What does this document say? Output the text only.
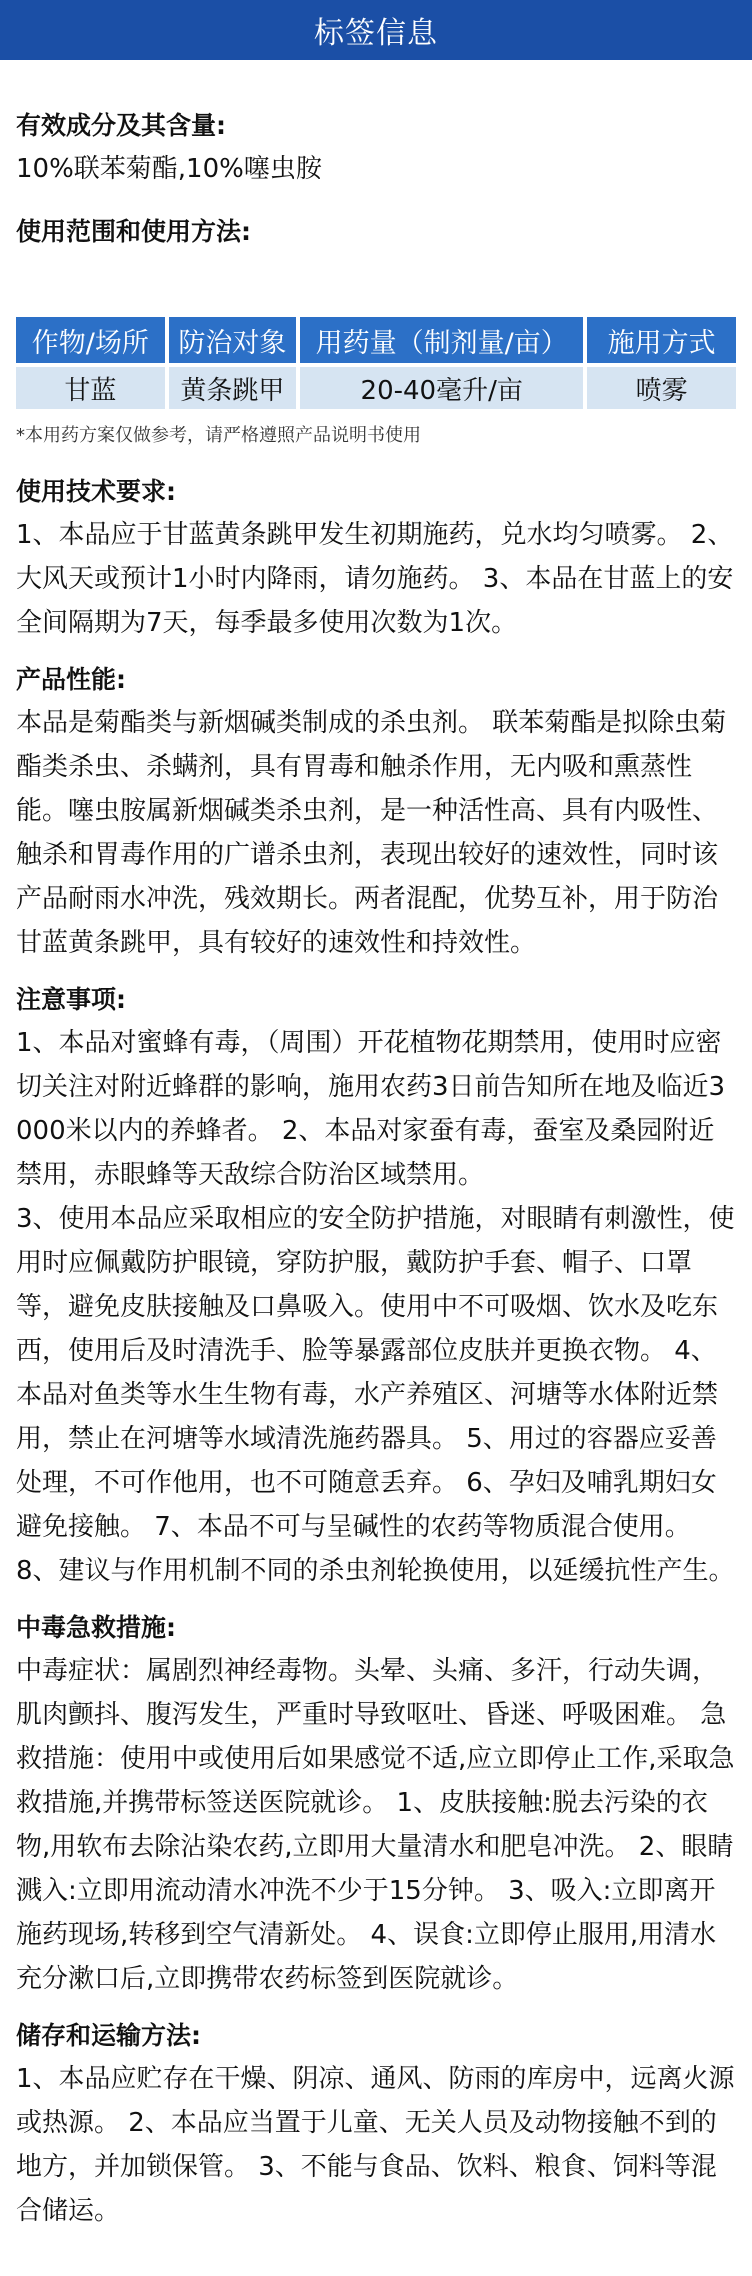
标签信息
有效成分及其含量:

10%联苯菊酯,10%噻虫胺

使用范围和使用方法:
作物/场所	防治对象	用药量（制剂量/亩）	施用方式
甘蓝	黄条跳甲	20-40毫升/亩	喷雾
*本用药方案仅做参考，请严格遵照产品说明书使用
使用技术要求:

1、本品应于甘蓝黄条跳甲发生初期施药，兑水均匀喷雾。 2、大风天或预计1小时内降雨，请勿施药。 3、本品在甘蓝上的安全间隔期为7天，每季最多使用次数为1次。

产品性能:

本品是菊酯类与新烟碱类制成的杀虫剂。 联苯菊酯是拟除虫菊酯类杀虫、杀螨剂，具有胃毒和触杀作用，无内吸和熏蒸性能。噻虫胺属新烟碱类杀虫剂，是一种活性高、具有内吸性、触杀和胃毒作用的广谱杀虫剂，表现出较好的速效性，同时该产品耐雨水冲洗，残效期长。两者混配，优势互补，用于防治甘蓝黄条跳甲，具有较好的速效性和持效性。

注意事项:

1、本品对蜜蜂有毒，（周围）开花植物花期禁用，使用时应密切关注对附近蜂群的影响，施用农药3日前告知所在地及临近3000米以内的养蜂者。 2、本品对家蚕有毒，蚕室及桑园附近禁用，赤眼蜂等天敌综合防治区域禁用。
3、使用本品应采取相应的安全防护措施，对眼睛有刺激性，使用时应佩戴防护眼镜，穿防护服，戴防护手套、帽子、口罩等，避免皮肤接触及口鼻吸入。使用中不可吸烟、饮水及吃东西，使用后及时清洗手、脸等暴露部位皮肤并更换衣物。 4、本品对鱼类等水生生物有毒，水产养殖区、河塘等水体附近禁用，禁止在河塘等水域清洗施药器具。 5、用过的容器应妥善处理，不可作他用，也不可随意丢弃。 6、孕妇及哺乳期妇女避免接触。 7、本品不可与呈碱性的农药等物质混合使用。 8、建议与作用机制不同的杀虫剂轮换使用，以延缓抗性产生。

中毒急救措施:

中毒症状：属剧烈神经毒物。头晕、头痛、多汗，行动失调，肌肉颤抖、腹泻发生，严重时导致呕吐、昏迷、呼吸困难。 急救措施：使用中或使用后如果感觉不适,应立即停止工作,采取急救措施,并携带标签送医院就诊。 1、皮肤接触:脱去污染的衣物,用软布去除沾染农药,立即用大量清水和肥皂冲洗。 2、眼睛溅入:立即用流动清水冲洗不少于15分钟。 3、吸入:立即离开施药现场,转移到空气清新处。 4、误食:立即停止服用,用清水充分漱口后,立即携带农药标签到医院就诊。

储存和运输方法:

1、本品应贮存在干燥、阴凉、通风、防雨的库房中，远离火源或热源。 2、本品应当置于儿童、无关人员及动物接触不到的地方，并加锁保管。 3、不能与食品、饮料、粮食、饲料等混合储运。
